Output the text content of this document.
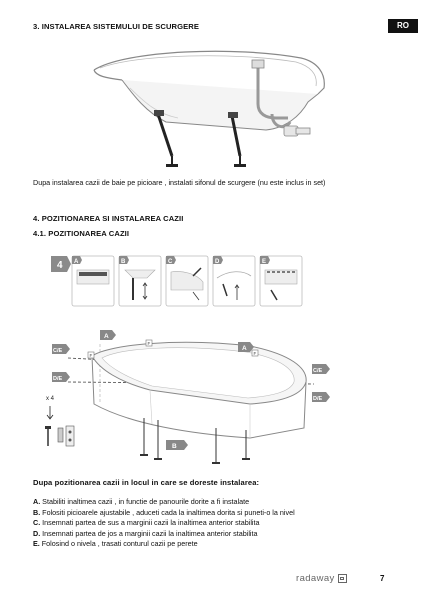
RO
3. INSTALAREA SISTEMULUI DE SCURGERE
Dupa instalarea cazii de baie pe picioare , instalati sifonul de scurgere (nu este inclus in set)
4. POZITIONAREA SI INSTALAREA CAZII
4.1. POZITIONAREA CAZII
4 A	B	C	D	E
F
F
F
A
A
C/E
D/E
C/E
D/E
B
x 4
Dupa pozitionarea cazii in locul in care se doreste instalarea:
A. Stabiliti inaltimea cazii , in functie de panourile dorite a fi instalate
B. Folositi picioarele ajustabile , aduceti cada la inaltimea dorita si puneti-o la nivel
C. Insemnati partea de sus a marginii cazii la inaltimea anterior stabilita
D. Insemnati partea de jos a marginii cazii la inaltimea anterior stabilita
E. Folosind o nivela , trasati conturul cazii pe perete
radaway	7
